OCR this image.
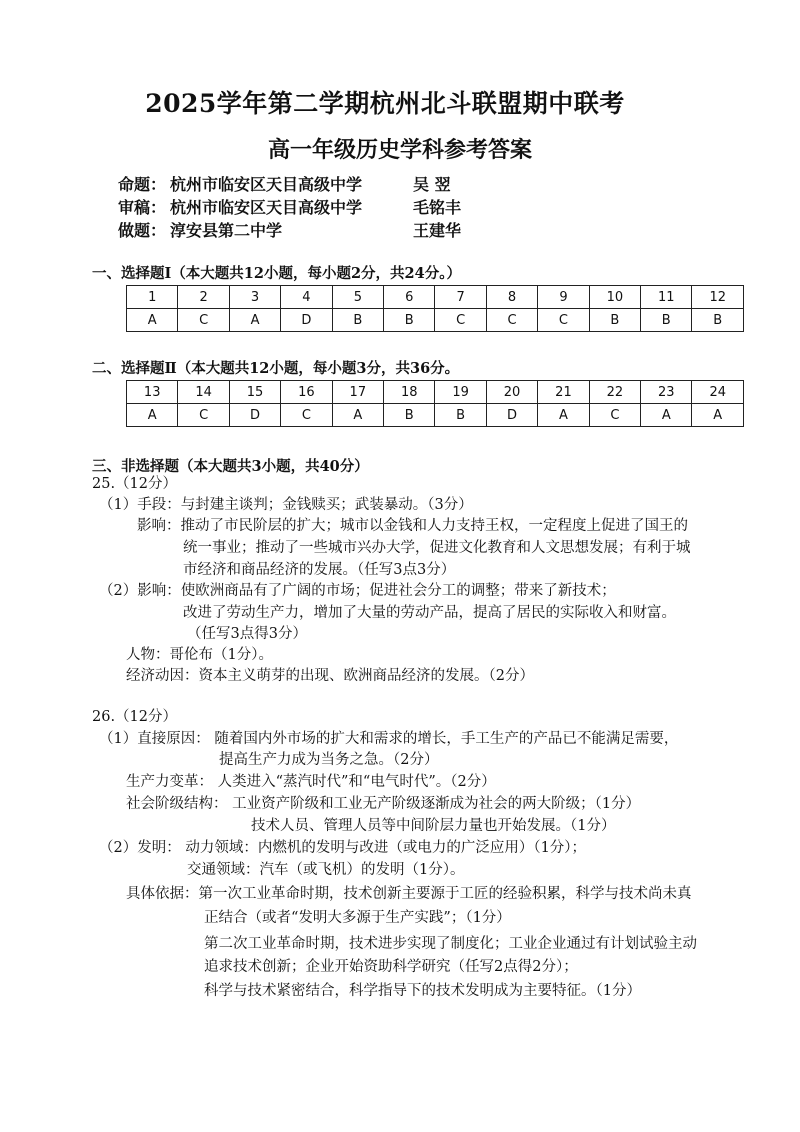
2025学年第二学期杭州北斗联盟期中联考
高一年级历史学科参考答案
命题： 杭州市临安区天目高级中学	吴 翌
审稿： 杭州市临安区天目高级中学	毛铭丰
做题： 淳安县第二中学	王建华
一、选择题Ⅰ（本大题共12小题，每小题2分，共24分。）
1	2	3	4	5	6	7	8	9	10	11	12
A	C	A	D	B	B	C	C	C	B	B	B
二、选择题Ⅱ（本大题共12小题，每小题3分，共36分。
13	14	15	16	17	18	19	20	21	22	23	24
A	C	D	C	A	B	B	D	A	C	A	A
三、非选择题（本大题共3小题，共40分）
25.（12分）
（1）手段：与封建主谈判；金钱赎买；武装暴动。（3分）
影响：推动了市民阶层的扩大；城市以金钱和人力支持王权，一定程度上促进了国王的
统一事业；推动了一些城市兴办大学，促进文化教育和人文思想发展；有利于城
市经济和商品经济的发展。（任写3点3分）
（2）影响：使欧洲商品有了广阔的市场；促进社会分工的调整；带来了新技术；
改进了劳动生产力，增加了大量的劳动产品，提高了居民的实际收入和财富。
（任写3点得3分）
人物：哥伦布（1分）。
经济动因：资本主义萌芽的出现、欧洲商品经济的发展。（2分）
26.（12分）
（1）直接原因： 随着国内外市场的扩大和需求的增长，手工生产的产品已不能满足需要，
提高生产力成为当务之急。（2分）
生产力变革： 人类进入“蒸汽时代”和“电气时代”。（2分）
社会阶级结构： 工业资产阶级和工业无产阶级逐渐成为社会的两大阶级；（1分）
技术人员、管理人员等中间阶层力量也开始发展。（1分）
（2）发明： 动力领域：内燃机的发明与改进（或电力的广泛应用）（1分）；
交通领域：汽车（或飞机）的发明（1分）。
具体依据：第一次工业革命时期，技术创新主要源于工匠的经验积累，科学与技术尚未真
正结合（或者“发明大多源于生产实践”；（1分）
第二次工业革命时期，技术进步实现了制度化；工业企业通过有计划试验主动
追求技术创新；企业开始资助科学研究（任写2点得2分）；
科学与技术紧密结合，科学指导下的技术发明成为主要特征。（1分）
